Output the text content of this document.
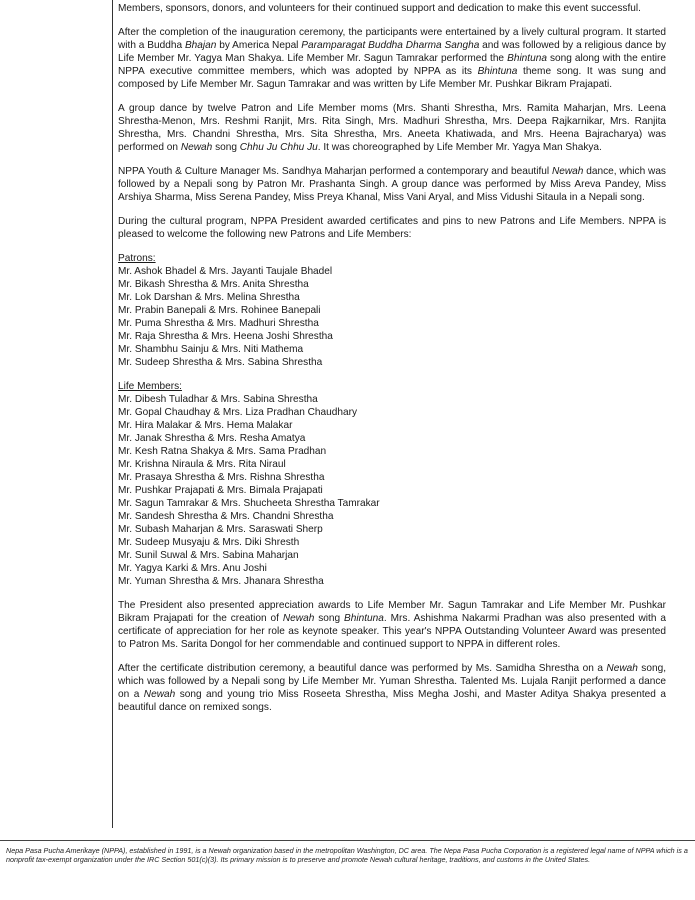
Members, sponsors, donors, and volunteers for their continued support and dedication to make this event successful.

After the completion of the inauguration ceremony, the participants were entertained by a lively cultural program. It started with a Buddha Bhajan by America Nepal Paramparagat Buddha Dharma Sangha and was followed by a religious dance by Life Member Mr. Yagya Man Shakya. Life Member Mr. Sagun Tamrakar performed the Bhintuna song along with the entire NPPA executive committee members, which was adopted by NPPA as its Bhintuna theme song. It was sung and composed by Life Member Mr. Sagun Tamrakar and was written by Life Member Mr. Pushkar Bikram Prajapati.

A group dance by twelve Patron and Life Member moms (Mrs. Shanti Shrestha, Mrs. Ramita Maharjan, Mrs. Leena Shrestha-Menon, Mrs. Reshmi Ranjit, Mrs. Rita Singh, Mrs. Madhuri Shrestha, Mrs. Deepa Rajkarnikar, Mrs. Ranjita Shrestha, Mrs. Chandni Shrestha, Mrs. Sita Shrestha, Mrs. Aneeta Khatiwada, and Mrs. Heena Bajracharya) was performed on Newah song Chhu Ju Chhu Ju. It was choreographed by Life Member Mr. Yagya Man Shakya.

NPPA Youth & Culture Manager Ms. Sandhya Maharjan performed a contemporary and beautiful Newah dance, which was followed by a Nepali song by Patron Mr. Prashanta Singh. A group dance was performed by Miss Areva Pandey, Miss Arshiya Sharma, Miss Serena Pandey, Miss Preya Khanal, Miss Vani Aryal, and Miss Vidushi Sitaula in a Nepali song.

During the cultural program, NPPA President awarded certificates and pins to new Patrons and Life Members. NPPA is pleased to welcome the following new Patrons and Life Members:

Patrons:
Mr. Ashok Bhadel & Mrs. Jayanti Taujale Bhadel
Mr. Bikash Shrestha & Mrs. Anita Shrestha
Mr. Lok Darshan & Mrs. Melina Shrestha
Mr. Prabin Banepali & Mrs. Rohinee Banepali
Mr. Puma Shrestha & Mrs. Madhuri Shrestha
Mr. Raja Shrestha & Mrs. Heena Joshi Shrestha
Mr. Shambhu Sainju & Mrs. Niti Mathema
Mr. Sudeep Shrestha & Mrs. Sabina Shrestha
Life Members:
Mr. Dibesh Tuladhar & Mrs. Sabina Shrestha
Mr. Gopal Chaudhay & Mrs. Liza Pradhan Chaudhary
Mr. Hira Malakar & Mrs. Hema Malakar
Mr. Janak Shrestha & Mrs. Resha Amatya
Mr. Kesh Ratna Shakya & Mrs. Sama Pradhan
Mr. Krishna Niraula & Mrs. Rita Niraul
Mr. Prasaya Shrestha & Mrs. Rishna Shrestha
Mr. Pushkar Prajapati & Mrs. Bimala Prajapati
Mr. Sagun Tamrakar & Mrs. Shucheeta Shrestha Tamrakar
Mr. Sandesh Shrestha & Mrs. Chandni Shrestha
Mr. Subash Maharjan & Mrs. Saraswati Sherp
Mr. Sudeep Musyaju & Mrs. Diki Shresth
Mr. Sunil Suwal & Mrs. Sabina Maharjan
Mr. Yagya Karki & Mrs. Anu Joshi
Mr. Yuman Shrestha & Mrs. Jhanara Shrestha

The President also presented appreciation awards to Life Member Mr. Sagun Tamrakar and Life Member Mr. Pushkar Bikram Prajapati for the creation of Newah song Bhintuna. Mrs. Ashishma Nakarmi Pradhan was also presented with a certificate of appreciation for her role as keynote speaker. This year's NPPA Outstanding Volunteer Award was presented to Patron Ms. Sarita Dongol for her commendable and continued support to NPPA in different roles.

After the certificate distribution ceremony, a beautiful dance was performed by Ms. Samidha Shrestha on a Newah song, which was followed by a Nepali song by Life Member Mr. Yuman Shrestha. Talented Ms. Lujala Ranjit performed a dance on a Newah song and young trio Miss Roseeta Shrestha, Miss Megha Joshi, and Master Aditya Shakya presented a beautiful dance on remixed songs.

Nepa Pasa Pucha Amerikaye (NPPA), established in 1991, is a Newah organization based in the metropolitan Washington, DC area. The Nepa Pasa Pucha Corporation is a registered legal name of NPPA which is a nonprofit tax-exempt organization under the IRC Section 501(c)(3). Its primary mission is to preserve and promote Newah cultural heritage, traditions, and customs in the United States.
